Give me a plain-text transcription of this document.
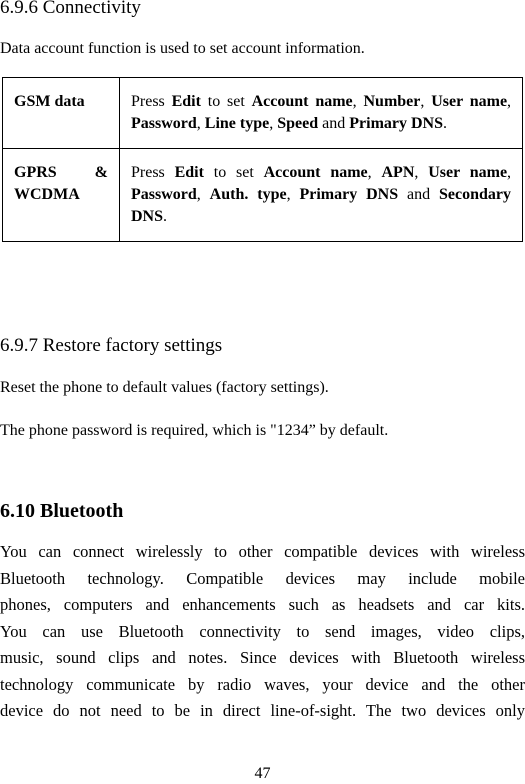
6.9.6 Connectivity
Data account function is used to set account information.
GSM data	Press Edit to set Account name, Number, User name, Password, Line type, Speed and Primary DNS.
GPRS & WCDMA	Press Edit to set Account name, APN, User name, Password, Auth. type, Primary DNS and Secondary DNS.
6.9.7 Restore factory settings
Reset the phone to default values (factory settings).
The phone password is required, which is "1234” by default.
6.10 Bluetooth
You can connect wirelessly to other compatible devices with wireless
Bluetooth technology. Compatible devices may include mobile
phones, computers and enhancements such as headsets and car kits.
You can use Bluetooth connectivity to send images, video clips,
music, sound clips and notes. Since devices with Bluetooth wireless
technology communicate by radio waves, your device and the other
device do not need to be in direct line-of-sight. The two devices only
47
